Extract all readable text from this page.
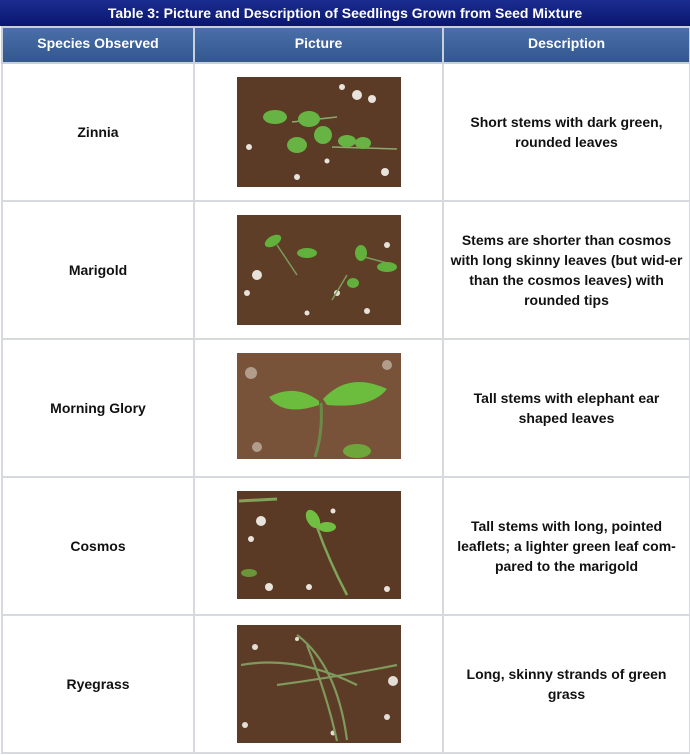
Table 3: Picture and Description of Seedlings Grown from Seed Mixture
Species Observed	Picture	Description
Zinnia		Short stems with dark green, rounded leaves
Marigold		Stems are shorter than cosmos with long skinny leaves (but wid-er than the cosmos leaves) with rounded tips
Morning Glory		Tall stems with elephant ear shaped leaves
Cosmos		Tall stems with long, pointed leaflets; a lighter green leaf com-pared to the marigold
Ryegrass		Long, skinny strands of green grass
